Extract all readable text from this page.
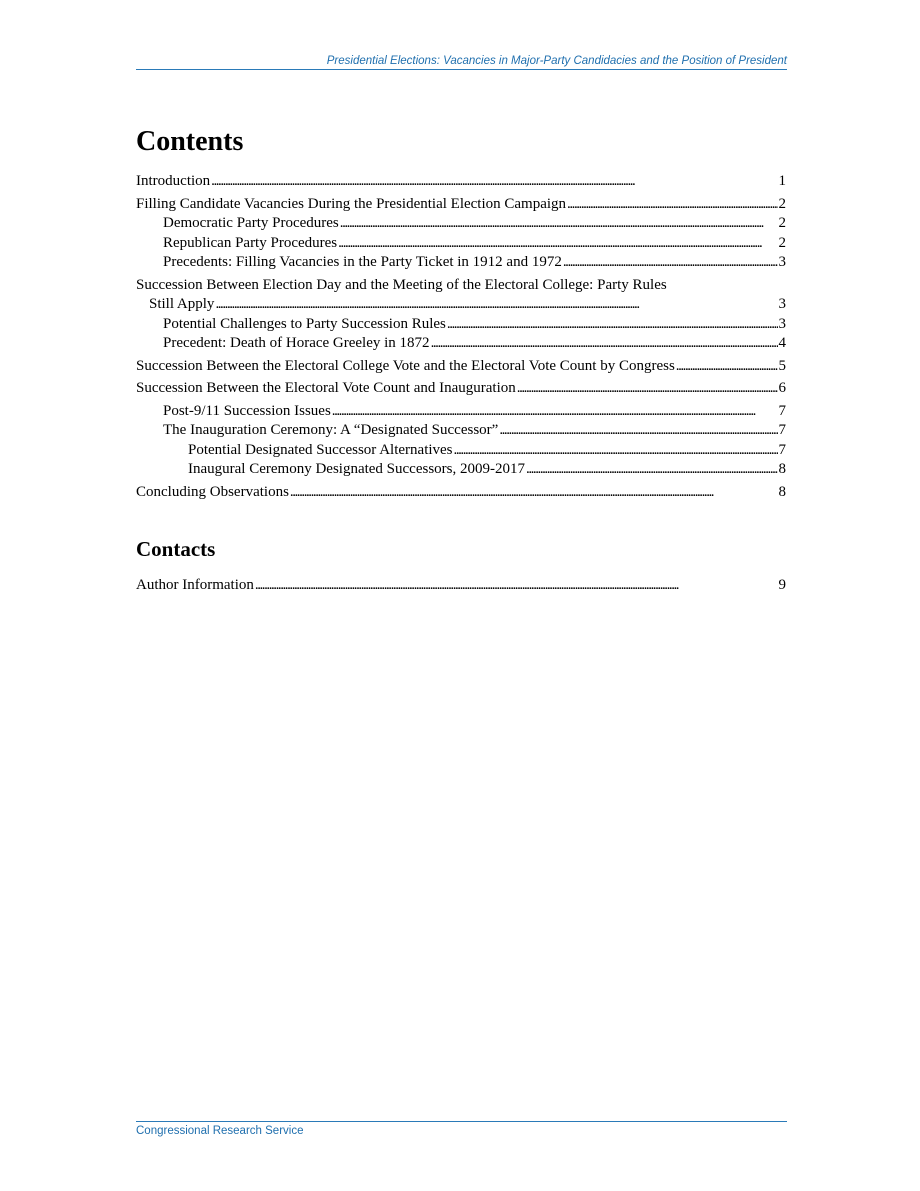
Presidential Elections: Vacancies in Major-Party Candidacies and the Position of President
Contents
Introduction . . .	1
Filling Candidate Vacancies During the Presidential Election Campaign . . .	2
Democratic Party Procedures . . .	2
Republican Party Procedures . . .	2
Precedents: Filling Vacancies in the Party Ticket in 1912 and 1972 . . .	3
Succession Between Election Day and the Meeting of the Electoral College: Party Rules
Still Apply . . .	3
Potential Challenges to Party Succession Rules . . .	3
Precedent: Death of Horace Greeley in 1872 . . .	4
Succession Between the Electoral College Vote and the Electoral Vote Count by Congress . . .	5
Succession Between the Electoral Vote Count and Inauguration . . .	6
Post-9/11 Succession Issues . . .	7
The Inauguration Ceremony: A “Designated Successor” . . .	7
Potential Designated Successor Alternatives . . .	7
Inaugural Ceremony Designated Successors, 2009-2017 . . .	8
Concluding Observations . . .	8
Contacts
Author Information . . .	9
Congressional Research Service
